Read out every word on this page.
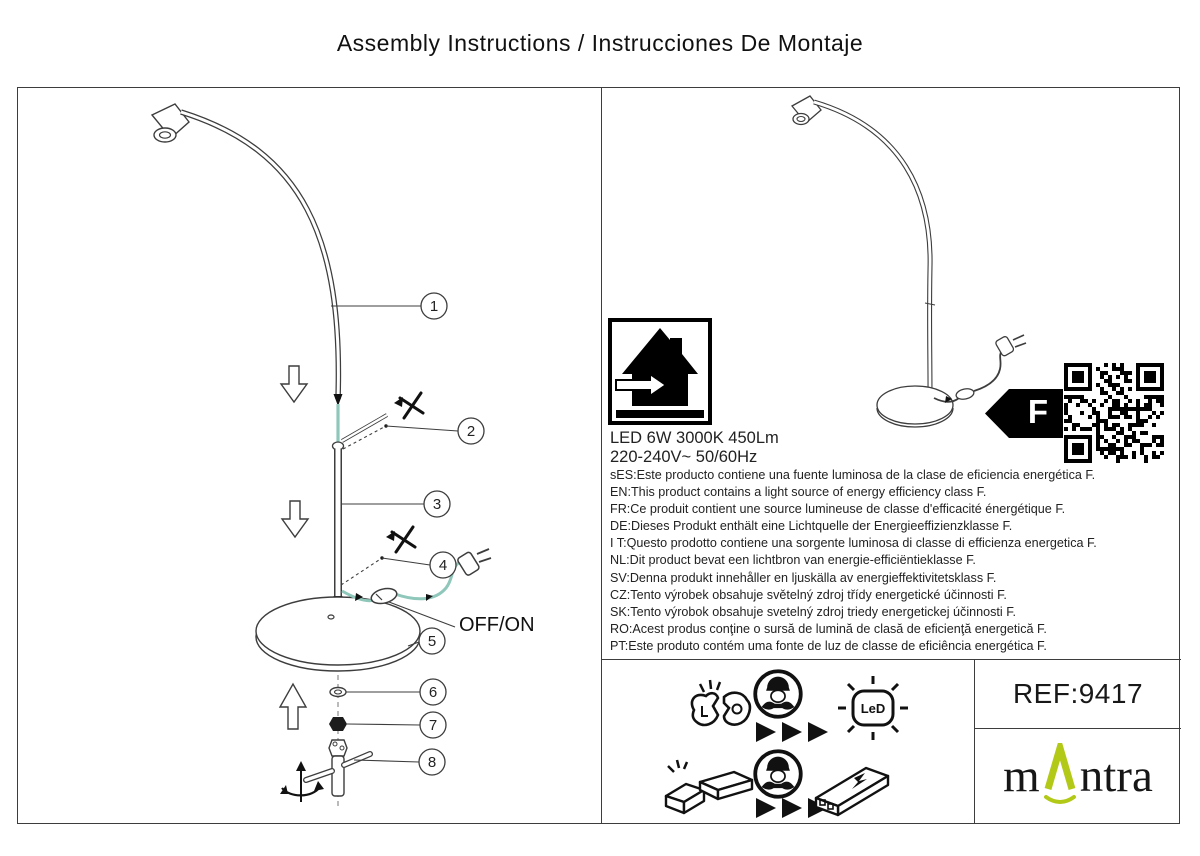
Assembly Instructions / Instrucciones De Montaje
1
2
3
4
5
6
7
8
OFF/ON
LED 6W 3000K 450Lm
220-240V~ 50/60Hz
sES:Este producto contiene una fuente luminosa de la clase de eficiencia energética F.
EN:This product contains a light source of energy efficiency class F.
FR:Ce produit contient une source lumineuse de classe d'efficacité énergétique F.
DE:Dieses Produkt enthält eine Lichtquelle der Energieeffizienzklasse F.
I T:Questo prodotto contiene una sorgente luminosa di classe di efficienza energetica F.
NL:Dit product bevat een lichtbron van energie-efficiëntieklasse F.
SV:Denna produkt innehåller en ljuskälla av energieffektivitetsklass F.
CZ:Tento výrobek obsahuje světelný zdroj třídy energetické účinnosti F.
SK:Tento výrobok obsahuje svetelný zdroj triedy energetickej účinnosti F.
RO:Acest produs conţine o sursă de lumină de clasă de eficienţă energetică F.
PT:Este produto contém uma fonte de luz de classe de eficiência energética F.
F
LeD	REF:9417
m ntra
